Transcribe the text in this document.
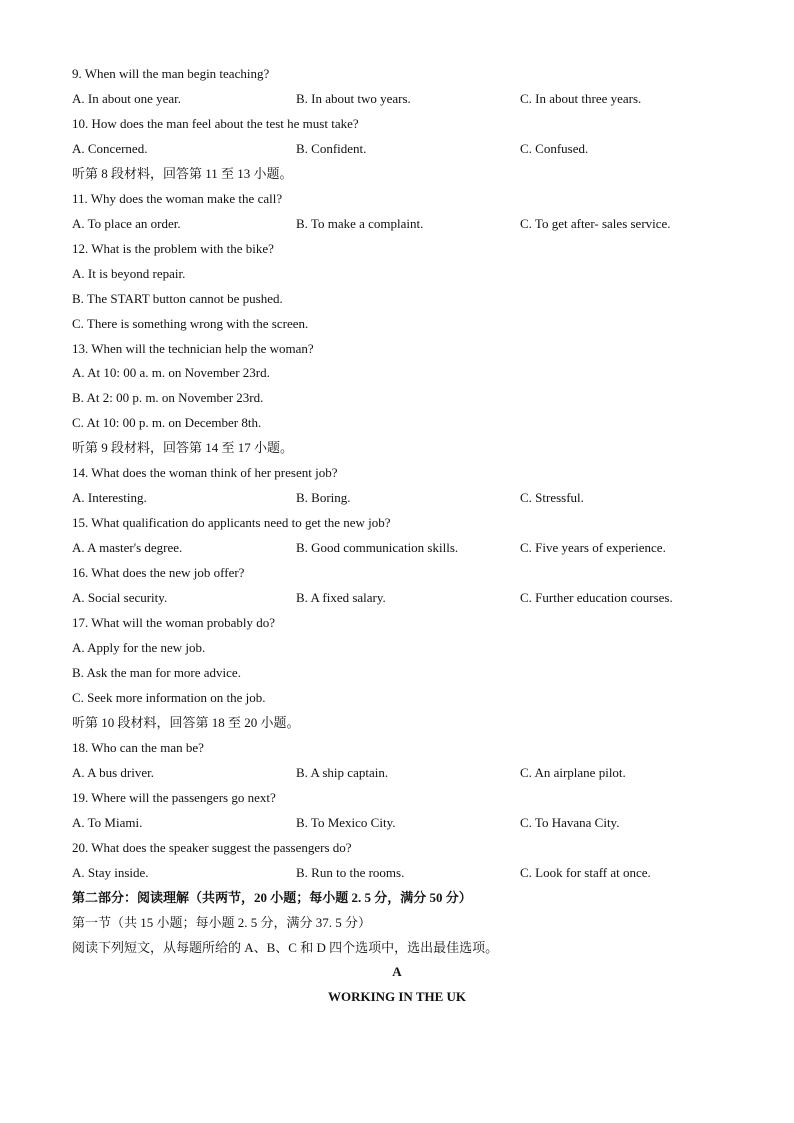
9. When will the man begin teaching?
A. In about one year.	B. In about two years.	C. In about three years.
10. How does the man feel about the test he must take?
A. Concerned.	B. Confident.	C. Confused.
听第 8 段材料，回答第 11 至 13 小题。
11. Why does the woman make the call?
A. To place an order.	B. To make a complaint.	C. To get after- sales service.
12. What is the problem with the bike?
A. It is beyond repair.
B. The START button cannot be pushed.
C. There is something wrong with the screen.
13. When will the technician help the woman?
A. At 10: 00 a. m. on November 23rd.
B. At 2: 00 p. m. on November 23rd.
C. At 10: 00 p. m. on December 8th.
听第 9 段材料，回答第 14 至 17 小题。
14. What does the woman think of her present job?
A. Interesting.	B. Boring.	C. Stressful.
15. What qualification do applicants need to get the new job?
A. A master's degree.	B. Good communication skills.	C. Five years of experience.
16. What does the new job offer?
A. Social security.	B. A fixed salary.	C. Further education courses.
17. What will the woman probably do?
A. Apply for the new job.
B. Ask the man for more advice.
C. Seek more information on the job.
听第 10 段材料，回答第 18 至 20 小题。
18. Who can the man be?
A. A bus driver.	B. A ship captain.	C. An airplane pilot.
19. Where will the passengers go next?
A. To Miami.	B. To Mexico City.	C. To Havana City.
20. What does the speaker suggest the passengers do?
A. Stay inside.	B. Run to the rooms.	C. Look for staff at once.
第二部分：阅读理解（共两节，20 小题；每小题 2. 5 分，满分 50 分）
第一节（共 15 小题；每小题 2. 5 分，满分 37. 5 分）
阅读下列短文，从每题所给的 A、B、C 和 D 四个选项中，选出最佳选项。
A
WORKING IN THE UK
